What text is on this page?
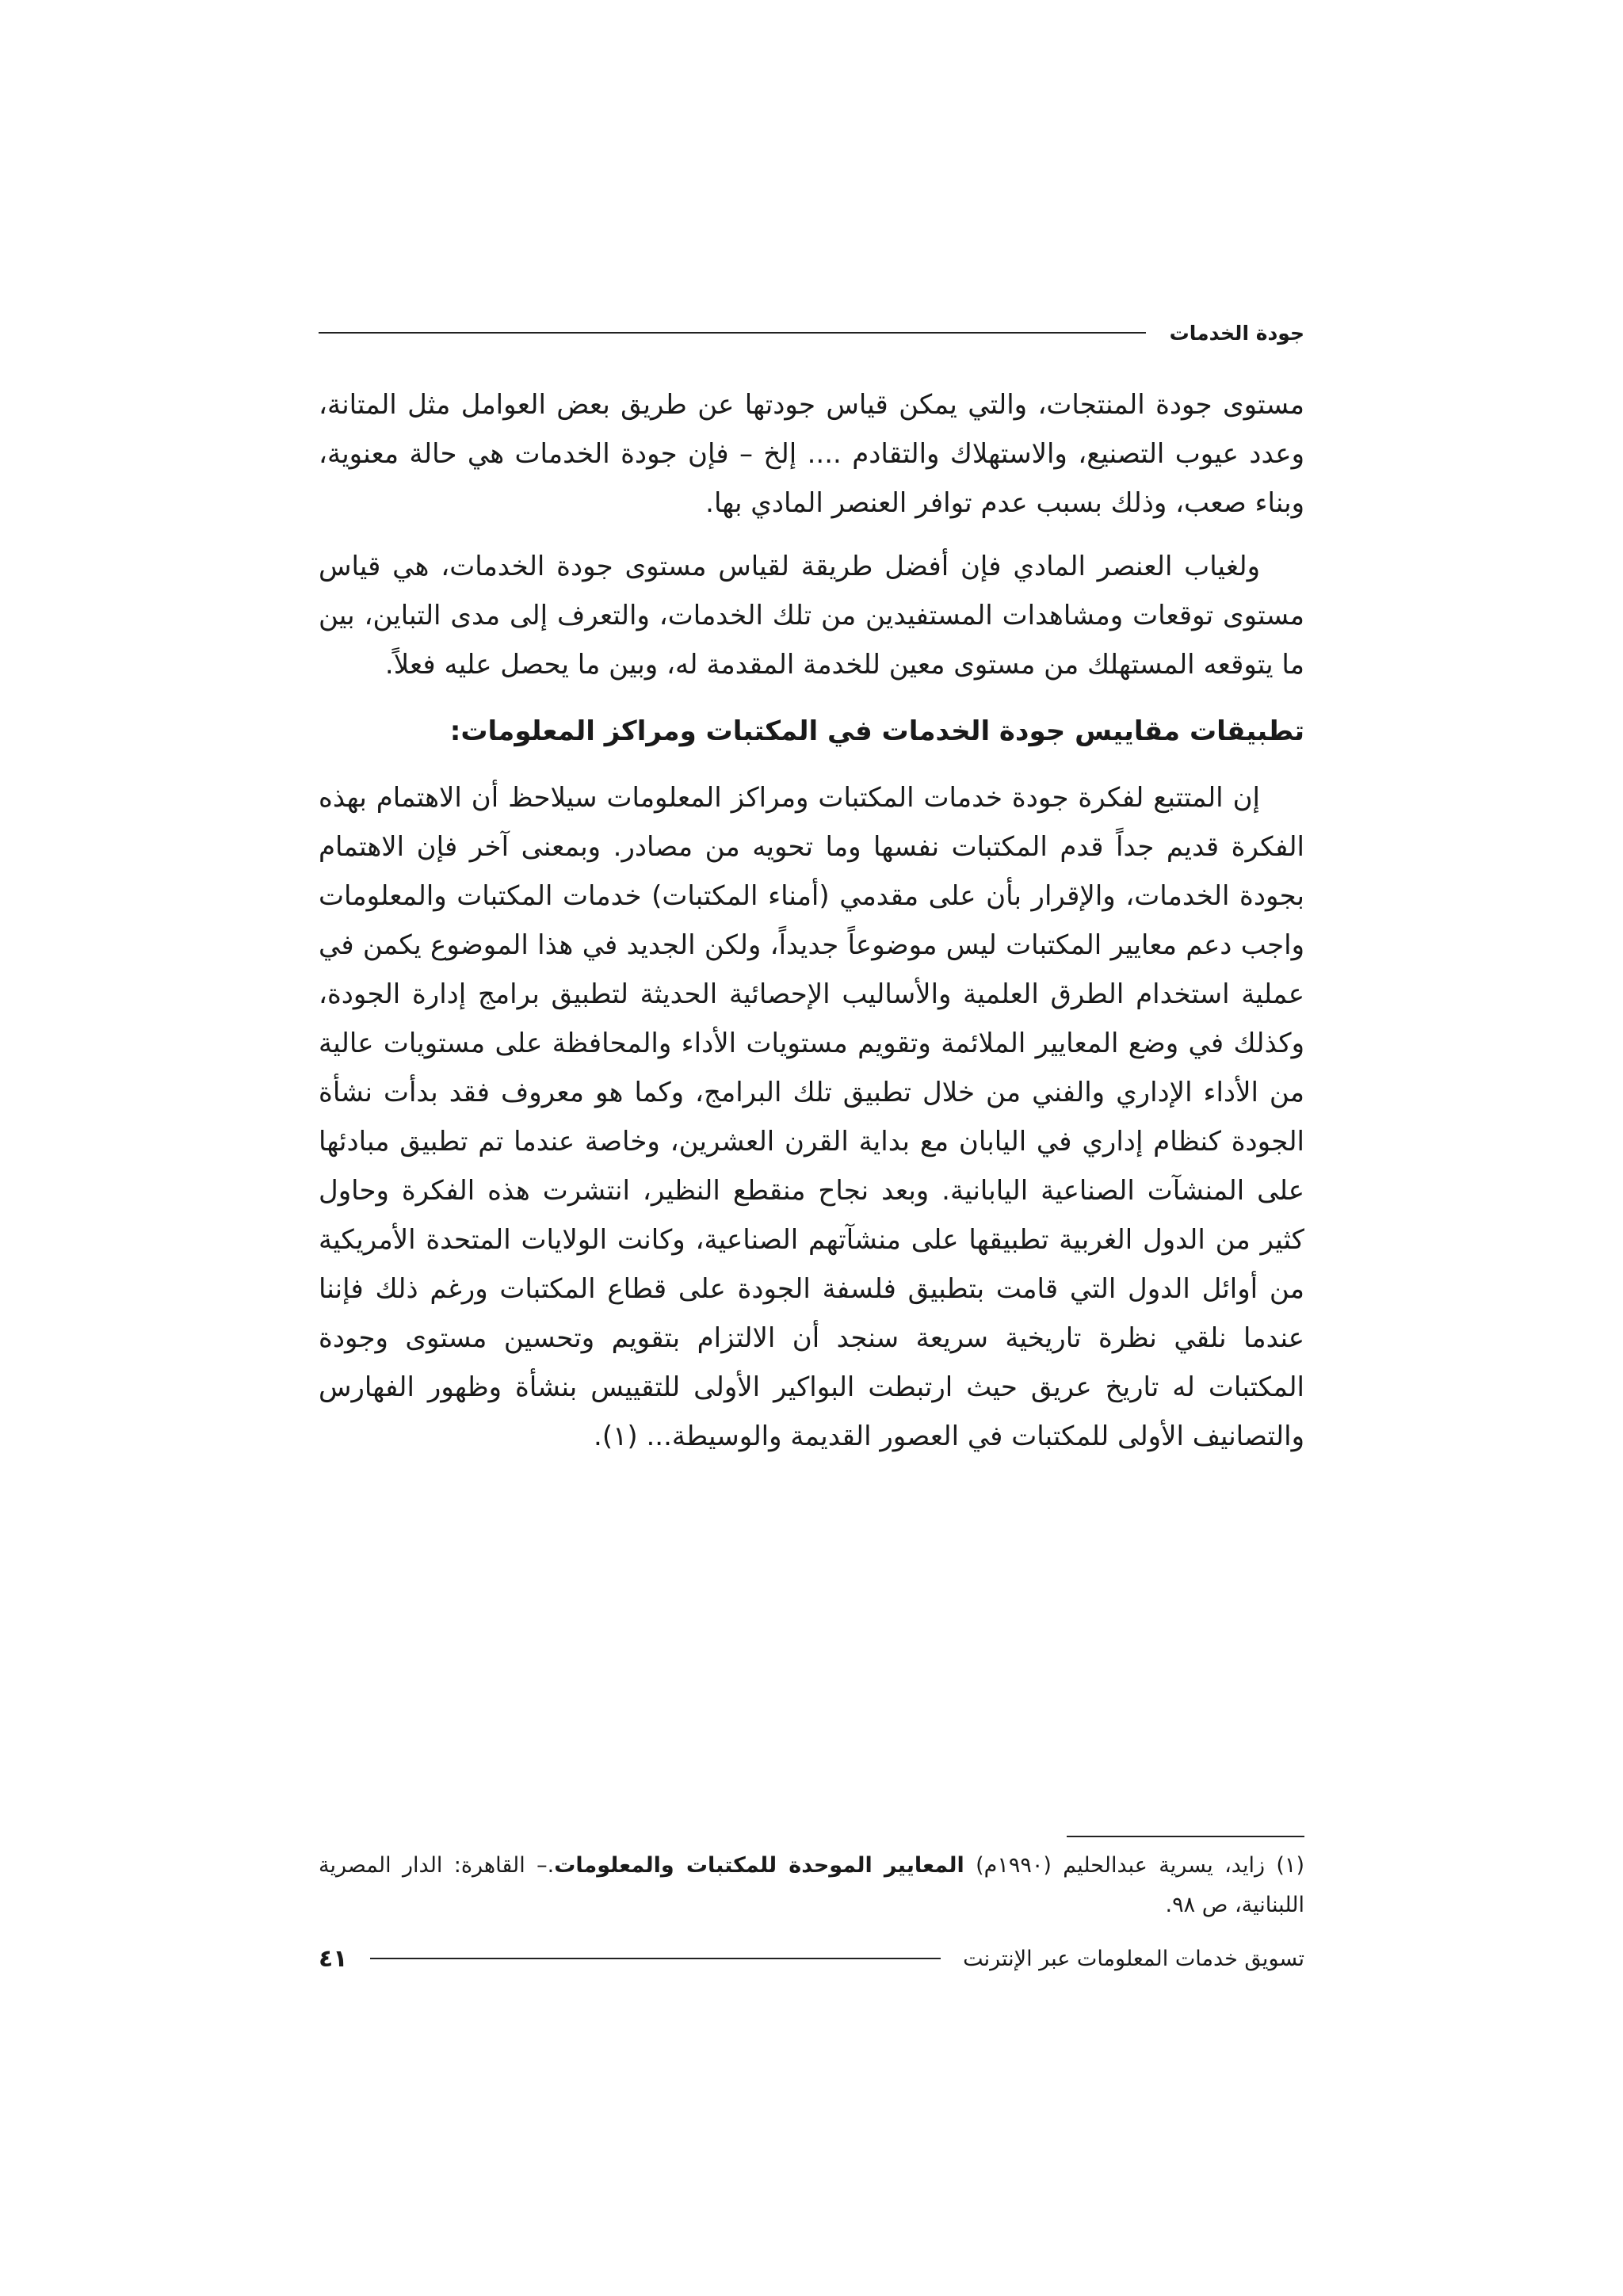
جودة الخدمات

مستوى جودة المنتجات، والتي يمكن قياس جودتها عن طريق بعض العوامل مثل المتانة، وعدد عيوب التصنيع، والاستهلاك والتقادم .... إلخ – فإن جودة الخدمات هي حالة معنوية، وبناء صعب، وذلك بسبب عدم توافر العنصر المادي بها.

ولغياب العنصر المادي فإن أفضل طريقة لقياس مستوى جودة الخدمات، هي قياس مستوى توقعات ومشاهدات المستفيدين من تلك الخدمات، والتعرف إلى مدى التباين، بين ما يتوقعه المستهلك من مستوى معين للخدمة المقدمة له، وبين ما يحصل عليه فعلاً.

تطبيقات مقاييس جودة الخدمات في المكتبات ومراكز المعلومات:

إن المتتبع لفكرة جودة خدمات المكتبات ومراكز المعلومات سيلاحظ أن الاهتمام بهذه الفكرة قديم جداً قدم المكتبات نفسها وما تحويه من مصادر. وبمعنى آخر فإن الاهتمام بجودة الخدمات، والإقرار بأن على مقدمي (أمناء المكتبات) خدمات المكتبات والمعلومات واجب دعم معايير المكتبات ليس موضوعاً جديداً، ولكن الجديد في هذا الموضوع يكمن في عملية استخدام الطرق العلمية والأساليب الإحصائية الحديثة لتطبيق برامج إدارة الجودة، وكذلك في وضع المعايير الملائمة وتقويم مستويات الأداء والمحافظة على مستويات عالية من الأداء الإداري والفني من خلال تطبيق تلك البرامج، وكما هو معروف فقد بدأت نشأة الجودة كنظام إداري في اليابان مع بداية القرن العشرين، وخاصة عندما تم تطبيق مبادئها على المنشآت الصناعية اليابانية. وبعد نجاح منقطع النظير، انتشرت هذه الفكرة وحاول كثير من الدول الغربية تطبيقها على منشآتهم الصناعية، وكانت الولايات المتحدة الأمريكية من أوائل الدول التي قامت بتطبيق فلسفة الجودة على قطاع المكتبات ورغم ذلك فإننا عندما نلقي نظرة تاريخية سريعة سنجد أن الالتزام بتقويم وتحسين مستوى وجودة المكتبات له تاريخ عريق حيث ارتبطت البواكير الأولى للتقييس بنشأة وظهور الفهارس والتصانيف الأولى للمكتبات في العصور القديمة والوسيطة... (١).

(١) زايد، يسرية عبدالحليم (١٩٩٠م) المعايير الموحدة للمكتبات والمعلومات.– القاهرة: الدار المصرية اللبنانية، ص ٩٨.
تسويق خدمات المعلومات عبر الإنترنت
٤١
